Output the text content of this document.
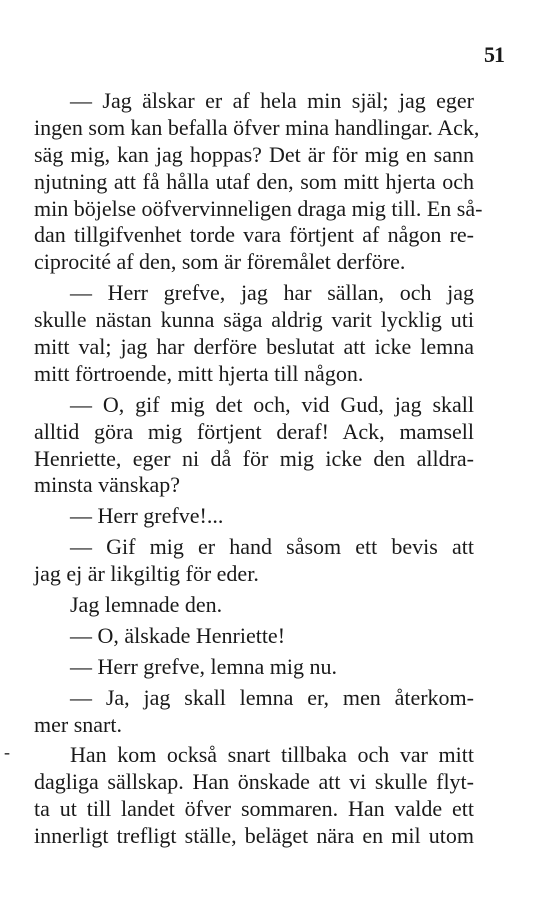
51
— Jag älskar er af hela min själ; jag eger
ingen som kan befalla öfver mina handlingar. Ack,
säg mig, kan jag hoppas? Det är för mig en sann
njutning att få hålla utaf den, som mitt hjerta och
min böjelse oöfvervinneligen draga mig till. En så-
dan tillgifvenhet torde vara förtjent af någon re-
ciprocité af den, som är föremålet derföre.
— Herr grefve, jag har sällan, och jag
skulle nästan kunna säga aldrig varit lycklig uti
mitt val; jag har derföre beslutat att icke lemna
mitt förtroende, mitt hjerta till någon.
— O, gif mig det och, vid Gud, jag skall
alltid göra mig förtjent deraf! Ack, mamsell
Henriette, eger ni då för mig icke den alldra-
minsta vänskap?
— Herr grefve!...
— Gif mig er hand såsom ett bevis att
jag ej är likgiltig för eder.
Jag lemnade den.
— O, älskade Henriette!
— Herr grefve, lemna mig nu.
— Ja, jag skall lemna er, men återkom-
mer snart.
Han kom också snart tillbaka och var mitt
dagliga sällskap. Han önskade att vi skulle flyt-
ta ut till landet öfver sommaren. Han valde ett
innerligt trefligt ställe, beläget nära en mil utom
-
